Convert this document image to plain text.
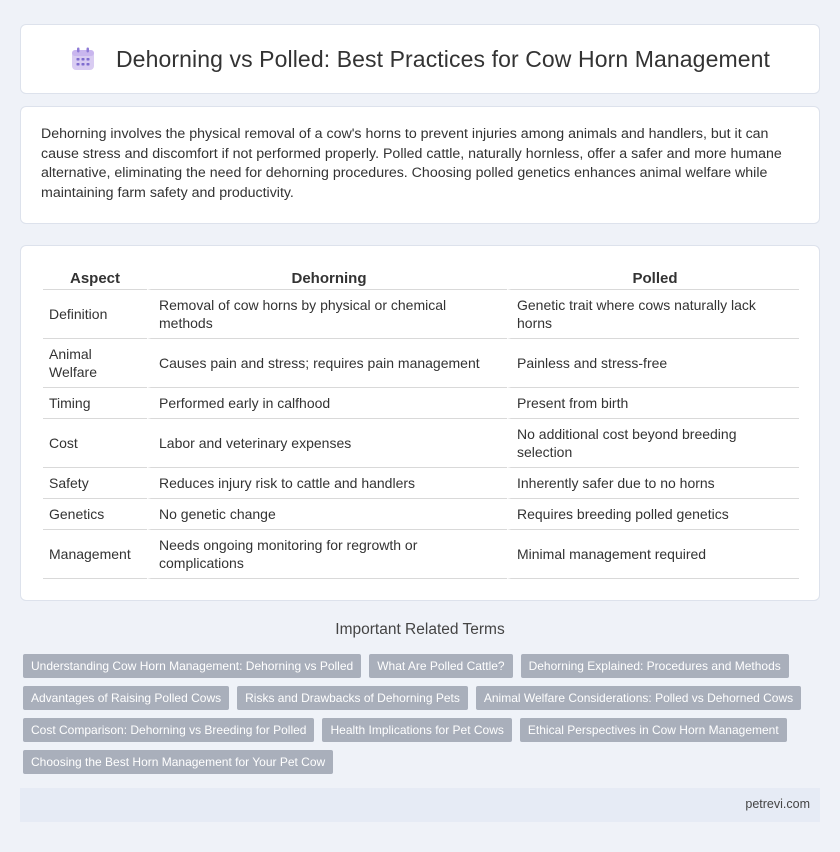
Dehorning vs Polled: Best Practices for Cow Horn Management

Dehorning involves the physical removal of a cow's horns to prevent injuries among animals and handlers, but it can cause stress and discomfort if not performed properly. Polled cattle, naturally hornless, offer a safer and more humane alternative, eliminating the need for dehorning procedures. Choosing polled genetics enhances animal welfare while maintaining farm safety and productivity.

Aspect	Dehorning	Polled
Definition	Removal of cow horns by physical or chemical methods	Genetic trait where cows naturally lack horns
Animal Welfare	Causes pain and stress; requires pain management	Painless and stress-free
Timing	Performed early in calfhood	Present from birth
Cost	Labor and veterinary expenses	No additional cost beyond breeding selection
Safety	Reduces injury risk to cattle and handlers	Inherently safer due to no horns
Genetics	No genetic change	Requires breeding polled genetics
Management	Needs ongoing monitoring for regrowth or complications	Minimal management required
Important Related Terms
Understanding Cow Horn Management: Dehorning vs Polled	What Are Polled Cattle?	Dehorning Explained: Procedures and Methods
Advantages of Raising Polled Cows	Risks and Drawbacks of Dehorning Pets	Animal Welfare Considerations: Polled vs Dehorned Cows
Cost Comparison: Dehorning vs Breeding for Polled	Health Implications for Pet Cows	Ethical Perspectives in Cow Horn Management
Choosing the Best Horn Management for Your Pet Cow
petrevi.com
